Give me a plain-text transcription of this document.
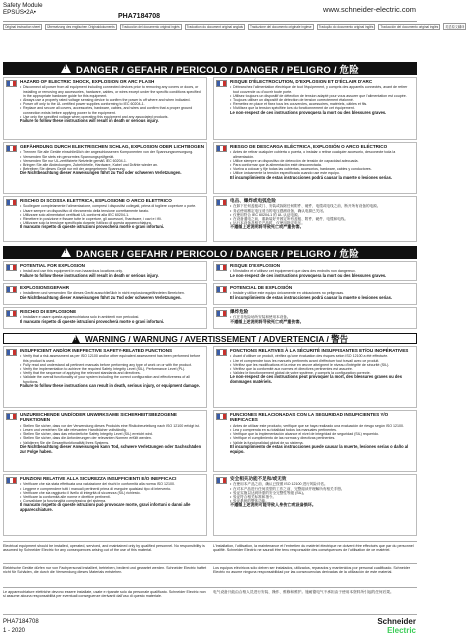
Safety Module
EPSUS•2A•
PHA7184708
www.schneider-electric.com
Original instruction sheet	Übersetzung des englischen Originaldokuments	Traducción del documento original inglés	Traduction du document original anglais	Traduzione del documento originale inglese	Tradução do documento original inglês	Traducción del documento original inglés	英语原文翻译
!
DANGER / GEFAHR / PERICOLO / DANGER / PELIGRO / 危险
HAZARD OF ELECTRIC SHOCK, EXPLOSION OR ARC FLASH
• Disconnect all power from all equipment including connected devices prior to removing any covers or doors, or installing or removing any accessories, hardware, cables, or wires except under the specific conditions specified in the appropriate hardware guide for this equipment.
• Always use a properly rated voltage sensing device to confirm the power is off where and when indicated.
• Power off only to the UL certified power supplies conforming to IEC 60204-1.
• Replace and secure all covers, accessories, hardware, cables, and wires and confirm that a proper ground connection exists before applying power to the equipment.
• Use only the specified voltage when operating this equipment and any associated products.
Failure to follow these instructions will result in death or serious injury.
RISQUE D'ÉLECTROCUTION, D'EXPLOSION ET D'ÉCLAIR D'ARC
• Débranchez l'alimentation électrique de tout l'équipement, y compris des appareils connectés, avant de retirer tout couvercle ou d'ouvrir toute porte.
• Utilisez toujours un dispositif de détection de tension adapté pour vous assurer que l'alimentation est coupée.
• Toujours utiliser un dispositif de détection de tension correctement étalonné.
• Remettez en place et fixez tous les couvercles, accessoires, matériels, câbles et fils.
• N'utilisez que la tension spécifiée lors du fonctionnement de cet équipement.
Le non-respect de ces instructions provoquera la mort ou des blessures graves.
GEFÄHRDUNG DURCH ELEKTRISCHEN SCHLAG, EXPLOSION ODER LICHTBOGEN
• Trennen Sie alle Geräte einschließlich der angeschlossenen Komponenten von der Spannungsversorgung.
• Verwenden Sie stets ein genormtes Spannungsprüfgerät.
• Verwenden Sie nur UL-zertifizierte Netzteile gemäß IEC 60204-1.
• Bringen Sie alle Abdeckungen, Zubehörteile, Hardware, Kabel und Drähte wieder an.
• Betreiben Sie dieses Gerät nur mit der angegebenen Spannung.
Die Nichtbeachtung dieser Anweisungen führt zu Tod oder schweren Verletzungen.
RIESGO DE DESCARGA ELÉCTRICA, EXPLOSIÓN O ARCO ELÉCTRICO
• Antes de retirar cualquier cubierta o puerta, o instalar o retirar cualquier accesorio, desconecte toda la alimentación.
• Utilice siempre un dispositivo de detección de tensión de capacidad adecuada.
• Para conformar que la alimentación esté desconectada.
• Vuelva a colocar y fije todas las cubiertas, accesorios, hardware, cables y conductores.
• Utilice únicamente la tensión especificada cuando use este equipo.
El incumplimiento de estas instrucciones podrá causar la muerte o lesiones serias.
RISCHIO DI SCOSSA ELETTRICA, ESPLOSIONE O ARCO ELETTRICO
• Scollegare completamente l'alimentazione, compresi i dispositivi collegati, prima di togliere coperture o porte.
• Usare sempre un dispositivo di rilevamento della tensione correttamente tarato.
• Utilizzare solo alimentatori certificati UL conformi alla IEC 60204-1.
• Rimettere in posizione e fissare tutte le coperture, gli accessori, l'hardware, i cavi e i fili.
• Utilizzare solo la tensione specificata durante l'utilizzo di questa apparecchiatura.
Il mancato rispetto di queste istruzioni provocherà morte o gravi infortuni.
电击、爆炸或电弧危险
• 在卸下任何盖板或门、安装或拆除任何附件、硬件、电缆或电线之前，断开所有设备的电源。
• 务必使用额定电压适当的电压感测设备，确认电源已关闭。
• 仅使用符合 IEC 60204-1 的 UL 认证电源。
• 在设备通电之前，重新装好并固定所有盖板、附件、硬件、电缆和电线。
• 运行本设备及相关产品时，仅使用指定电压。
不遵循上述说明将导致死亡或严重伤害。
!
DANGER / GEFAHR / PERICOLO / DANGER / PELIGRO / 危险
POTENTIAL FOR EXPLOSION
• Install and use this equipment in non-hazardous locations only.
Failure to follow these instructions will result in death or serious injury.
RISQUE D'EXPLOSION
• N'installez et n'utilisez cet équipement que dans des endroits non dangereux.
Le non-respect de ces instructions provoquera la mort ou des blessures graves.
EXPLOSIONSGEFAHR
• Installieren und verwenden Sie dieses Gerät ausschließlich in nicht explosionsgefährdeten Bereichen.
Die Nichtbeachtung dieser Anweisungen führt zu Tod oder schweren Verletzungen.
POTENCIAL DE EXPLOSIÓN
• Instale y utilice este equipo únicamente en ubicaciones no peligrosas.
El incumplimiento de estas instrucciones podrá causar la muerte o lesiones serias.
RISCHIO DI ESPLOSIONE
• Installare e usare questa apparecchiatura solo in ambienti non pericolosi.
Il mancato rispetto di queste istruzioni provocherà morte o gravi infortuni.
爆炸危险
• 仅在非危险场所安装和使用本设备。
不遵循上述说明将导致死亡或严重伤害。
!
WARNING / WARNUNG / AVERTISSEMENT / ADVERTENCIA / 警告
INSUFFICIENT AND/OR INEFFECTIVE SAFETY-RELATED FUNCTIONS
• Verify that a risk assessment as per ISO 12100 and/or other equivalent assessment has been performed before this product is used.
• Fully read and understand all pertinent manuals before performing any type of work on or with the product.
• Verify the implementation to achieve the required Safety Integrity Level (SIL), Performance Level (PL).
• Verify that the sequence of applying the relevant standards and directives.
• Validate the overall functionality of your system including the correct configuration and effectiveness of all functions.
Failure to follow these instructions can result in death, serious injury, or equipment damage.
FONCTIONS RELATIVES À LA SÉCURITÉ INSUFFISANTES ET/OU INOPÉRATIVES
• Avant d'utiliser ce produit, vérifiez qu'une évaluation des risques selon ISO 12100 a été effectuée.
• Lire et comprendre tous les manuels pertinents avant d'effectuer tout travail avec ce produit.
• Vérifiez que les modifications et la mise en œuvre atteignent le niveau d'intégrité de sécurité (SIL).
• Vérifiez que la conformité aux normes et directives pertinentes est assurée.
• Validez le fonctionnement global de votre système, y compris la configuration correcte.
Le non-respect de ces instructions peut provoquer la mort, des blessures graves ou des dommages matériels.
UNZUREICHENDE UND/ODER UNWIRKSAME SICHERHEITSBEZOGENE FUNKTIONEN
• Stellen Sie sicher, dass vor der Verwendung dieses Produkts eine Risikobeurteilung nach ISO 12100 erfolgt ist.
• Lesen und verstehen Sie alle relevanten Handbücher vollständig.
• Stellen Sie sicher, dass das erforderliche Safety Integrity Level (SIL) erreicht wird.
• Stellen Sie sicher, dass die Anforderungen der relevanten Normen erfüllt werden.
• Validieren Sie die Gesamtfunktionalität Ihres Systems.
Die Nichtbeachtung dieser Anweisungen kann Tod, schwere Verletzungen oder Sachschäden zur Folge haben.
FUNCIONES RELACIONADAS CON LA SEGURIDAD INSUFICIENTES Y/O INEFICACES
• Antes de utilizar este producto, verifique que se haya realizado una evaluación de riesgo según ISO 12100.
• Lea y comprenda en su totalidad todos los manuales pertinentes.
• Verifique que la implementación alcance el nivel de integridad de seguridad (SIL) requerido.
• Verifique el cumplimiento de las normas y directivas pertinentes.
• Valide la funcionalidad global de su sistema.
El incumplimiento de estas instrucciones puede causar la muerte, lesiones serias o daño al equipo.
FUNZIONI RELATIVE ALLA SICUREZZA INSUFFICIENTI E/O INEFFICACI
• Verificare che sia stata effettuata una valutazione dei rischi in conformità alla norma ISO 12100.
• Leggere e comprendere tutti i manuali pertinenti prima di eseguire qualsiasi tipo di intervento.
• Verificare che sia raggiunto il livello di integrità di sicurezza (SIL) richiesto.
• Verificare la conformità alle norme e direttive pertinenti.
• Convalidare la funzionalità complessiva del sistema.
Il mancato rispetto di queste istruzioni può provocare morte, gravi infortuni o danni alle apparecchiature.
安全相关功能不足和/或无效
• 在使用本产品之前，确认已按照 ISO 12100 进行风险评估。
• 在对本产品进行任何类型的工作之前，完整阅读并理解所有相关手册。
• 验证实施以达到所需的安全完整性等级 (SIL)。
• 验证符合相关标准和指令。
• 验证系统的整体功能。
不遵循上述说明可能导致人身伤亡或设备损坏。
Electrical equipment should be installed, operated, serviced, and maintained only by qualified personnel. No responsibility is assumed by Schneider Electric for any consequences arising out of the use of this material.
L'installation, l'utilisation, la maintenance et l'entretien du matériel électrique ne doivent être effectués que par du personnel qualifié. Schneider Electric ne saurait être tenu responsable des conséquences de l'utilisation de ce matériel.
Elektrische Geräte dürfen nur von Fachpersonal installiert, betrieben, bedient und gewartet werden. Schneider Electric haftet nicht für Schäden, die durch die Verwendung dieses Materials entstehen.
Los equipos eléctricos sólo deben ser instalados, utilizados, reparados y mantenidos por personal cualificado. Schneider Electric no asume ninguna responsabilidad por las consecuencias derivadas de la utilización de este material.
Le apparecchiature elettriche devono essere installate, usate e riparate solo da personale qualificato. Schneider Electric non si assume alcuna responsabilità per eventuali conseguenze derivanti dall'uso di questo materiale.
电气设备只能由合格人员进行安装、操作、维修和维护。施耐德电气不承担由于使用本资料所引起的任何后果。
PHA7184708
1 - 2020
Schneider
Electric
